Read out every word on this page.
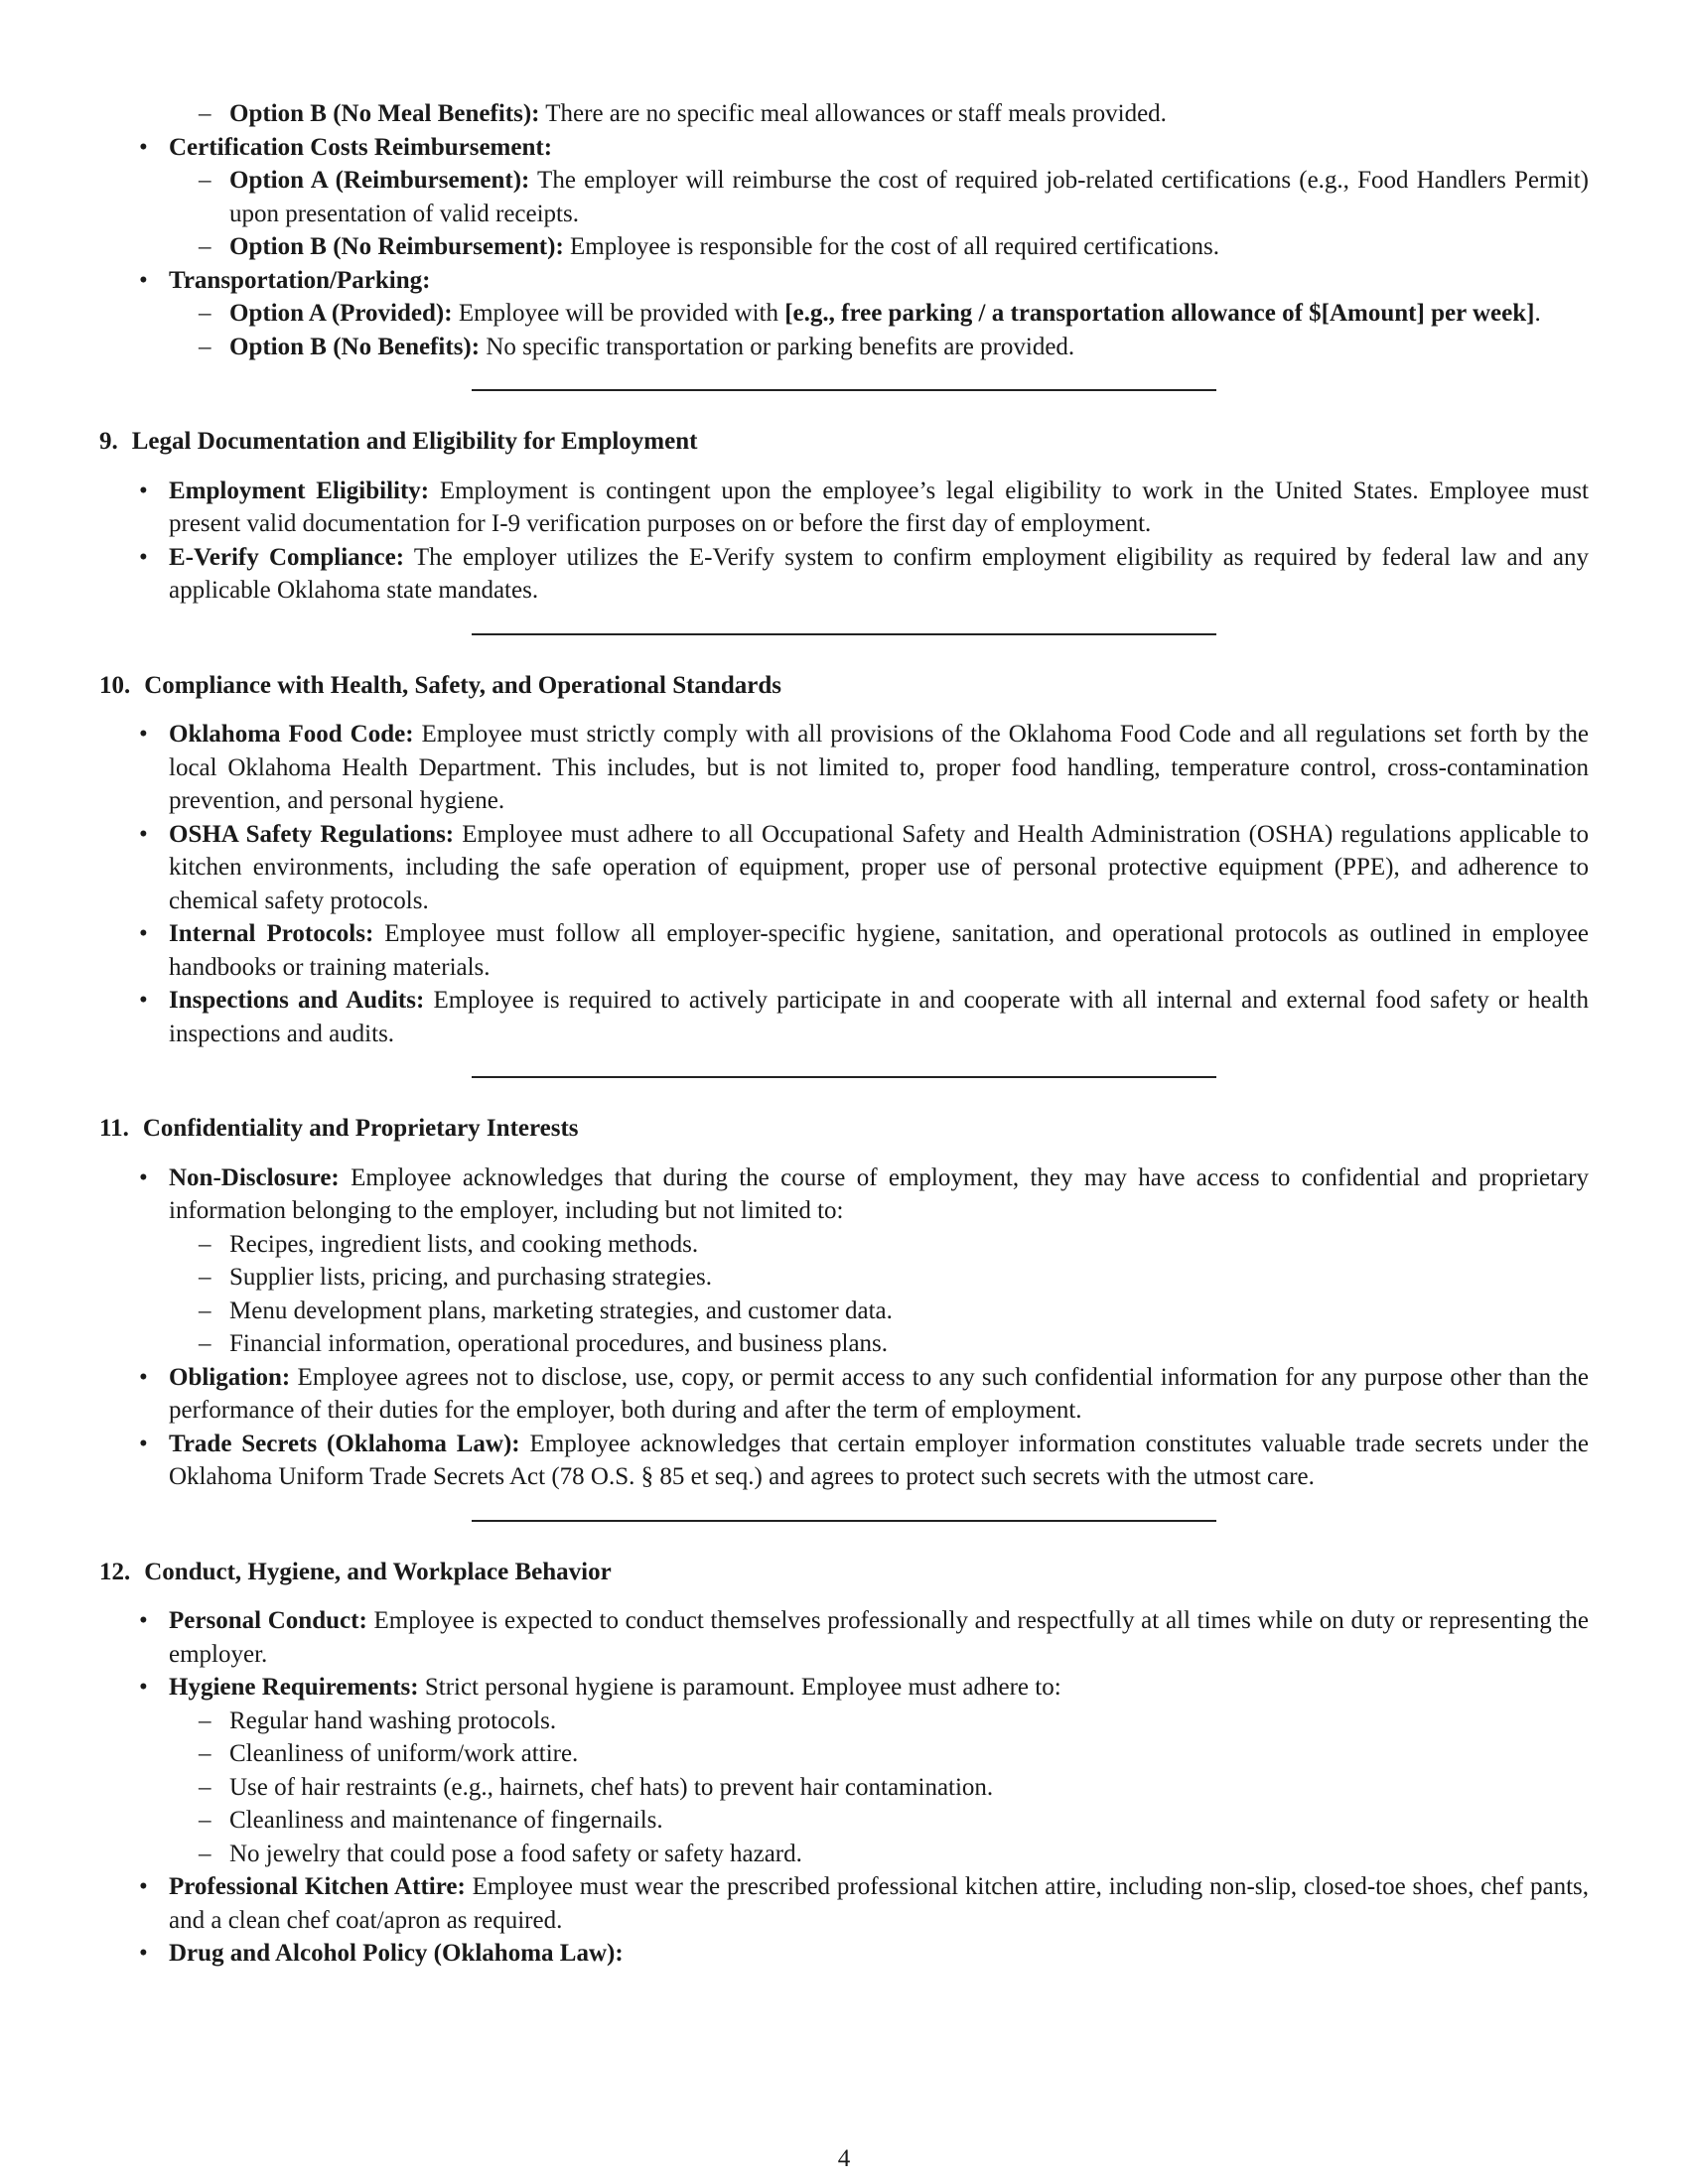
– Option B (No Meal Benefits): There are no specific meal allowances or staff meals provided.
• Certification Costs Reimbursement:
– Option A (Reimbursement): The employer will reimburse the cost of required job-related certifications (e.g., Food Handlers Permit) upon presentation of valid receipts.
– Option B (No Reimbursement): Employee is responsible for the cost of all required certifications.
• Transportation/Parking:
– Option A (Provided): Employee will be provided with [e.g., free parking / a transportation allowance of $[Amount] per week].
– Option B (No Benefits): No specific transportation or parking benefits are provided.
9. Legal Documentation and Eligibility for Employment
• Employment Eligibility: Employment is contingent upon the employee’s legal eligibility to work in the United States. Employee must present valid documentation for I-9 verification purposes on or before the first day of employment.
• E-Verify Compliance: The employer utilizes the E-Verify system to confirm employment eligibility as required by federal law and any applicable Oklahoma state mandates.
10. Compliance with Health, Safety, and Operational Standards
• Oklahoma Food Code: Employee must strictly comply with all provisions of the Oklahoma Food Code and all regulations set forth by the local Oklahoma Health Department. This includes, but is not limited to, proper food handling, temperature control, cross-contamination prevention, and personal hygiene.
• OSHA Safety Regulations: Employee must adhere to all Occupational Safety and Health Administration (OSHA) regulations applicable to kitchen environments, including the safe operation of equipment, proper use of personal protective equipment (PPE), and adherence to chemical safety protocols.
• Internal Protocols: Employee must follow all employer-specific hygiene, sanitation, and operational protocols as outlined in employee handbooks or training materials.
• Inspections and Audits: Employee is required to actively participate in and cooperate with all internal and external food safety or health inspections and audits.
11. Confidentiality and Proprietary Interests
• Non-Disclosure: Employee acknowledges that during the course of employment, they may have access to confidential and proprietary information belonging to the employer, including but not limited to:
– Recipes, ingredient lists, and cooking methods.
– Supplier lists, pricing, and purchasing strategies.
– Menu development plans, marketing strategies, and customer data.
– Financial information, operational procedures, and business plans.
• Obligation: Employee agrees not to disclose, use, copy, or permit access to any such confidential information for any purpose other than the performance of their duties for the employer, both during and after the term of employment.
• Trade Secrets (Oklahoma Law): Employee acknowledges that certain employer information constitutes valuable trade secrets under the Oklahoma Uniform Trade Secrets Act (78 O.S. § 85 et seq.) and agrees to protect such secrets with the utmost care.
12. Conduct, Hygiene, and Workplace Behavior
• Personal Conduct: Employee is expected to conduct themselves professionally and respectfully at all times while on duty or representing the employer.
• Hygiene Requirements: Strict personal hygiene is paramount. Employee must adhere to:
– Regular hand washing protocols.
– Cleanliness of uniform/work attire.
– Use of hair restraints (e.g., hairnets, chef hats) to prevent hair contamination.
– Cleanliness and maintenance of fingernails.
– No jewelry that could pose a food safety or safety hazard.
• Professional Kitchen Attire: Employee must wear the prescribed professional kitchen attire, including non-slip, closed-toe shoes, chef pants, and a clean chef coat/apron as required.
• Drug and Alcohol Policy (Oklahoma Law):
4
